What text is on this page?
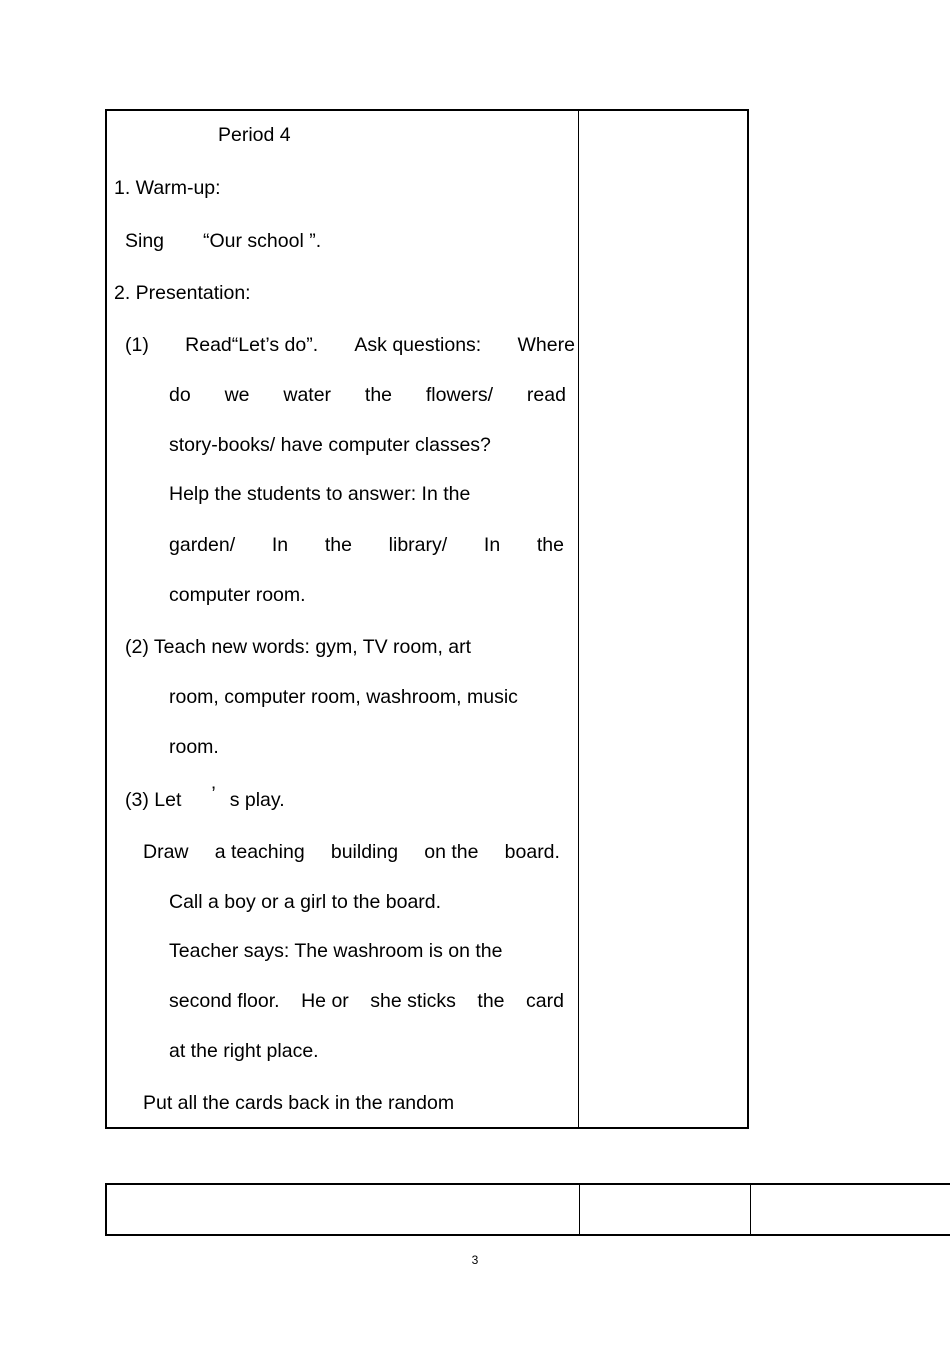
Period 4
1. Warm-up:
Sing “Our school ”.
2. Presentation:
(1) Read“Let’s do”. Ask questions: Where
do we water the flowers/ read
story-books/ have computer classes?
Help the students to answer: In the
garden/ In the library/ In the
computer room.
(2) Teach new words: gym, TV room, art
room, computer room, washroom, music
room.
(3) Let ’ s play.
Draw a teaching building on the board.
Call a boy or a girl to the board.
Teacher says: The washroom is on the
second floor. He or she sticks the card
at the right place.
Put all the cards back in the random
3
